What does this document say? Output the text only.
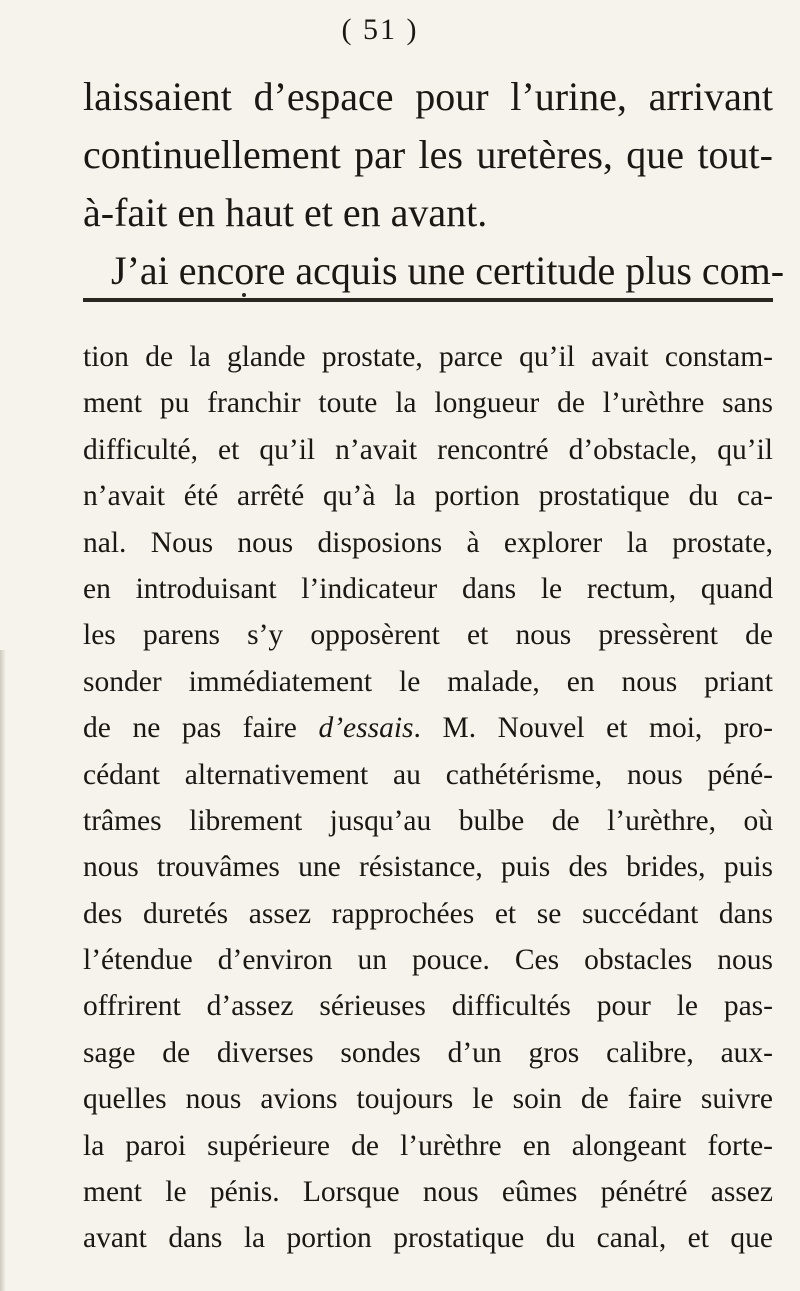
( 51 )
laissaient d’espace pour l’urine, arrivant
continuellement par les uretères, que tout-
à-fait en haut et en avant.
J’ai encore acquis une certitude plus com-
tion de la glande prostate, parce qu’il avait constam-
ment pu franchir toute la longueur de l’urèthre sans
difficulté, et qu’il n’avait rencontré d’obstacle, qu’il
n’avait été arrêté qu’à la portion prostatique du ca-
nal. Nous nous disposions à explorer la prostate,
en introduisant l’indicateur dans le rectum, quand
les parens s’y opposèrent et nous pressèrent de
sonder immédiatement le malade, en nous priant
de ne pas faire d’essais. M. Nouvel et moi, pro-
cédant alternativement au cathétérisme, nous péné-
trâmes librement jusqu’au bulbe de l’urèthre, où
nous trouvâmes une résistance, puis des brides, puis
des duretés assez rapprochées et se succédant dans
l’étendue d’environ un pouce. Ces obstacles nous
offrirent d’assez sérieuses difficultés pour le pas-
sage de diverses sondes d’un gros calibre, aux-
quelles nous avions toujours le soin de faire suivre
la paroi supérieure de l’urèthre en alongeant forte-
ment le pénis. Lorsque nous eûmes pénétré assez
avant dans la portion prostatique du canal, et que
